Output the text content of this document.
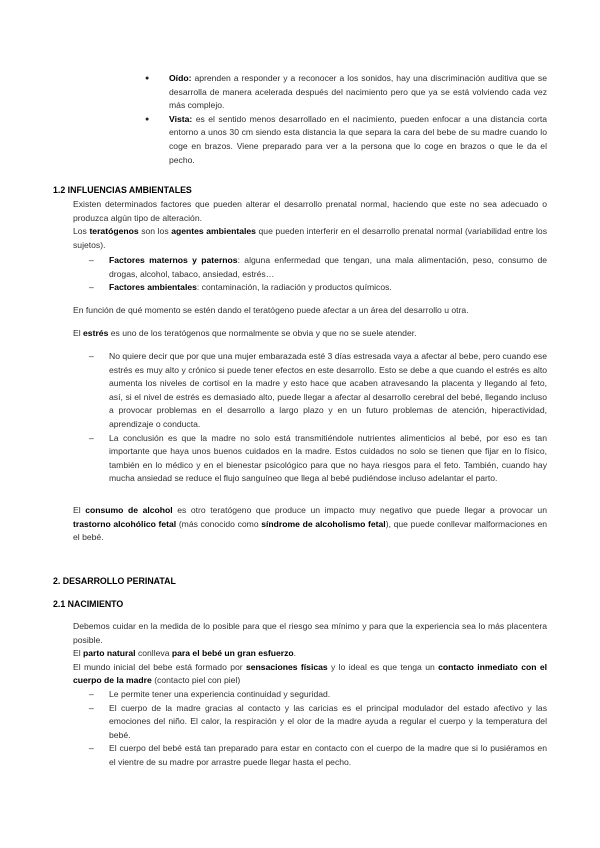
● Oído: aprenden a responder y a reconocer a los sonidos, hay una discriminación auditiva que se desarrolla de manera acelerada después del nacimiento pero que ya se está volviendo cada vez más complejo.
● Vista: es el sentido menos desarrollado en el nacimiento, pueden enfocar a una distancia corta entorno a unos 30 cm siendo esta distancia la que separa la cara del bebe de su madre cuando lo coge en brazos. Viene preparado para ver a la persona que lo coge en brazos o que le da el pecho.
1.2 INFLUENCIAS AMBIENTALES
Existen determinados factores que pueden alterar el desarrollo prenatal normal, haciendo que este no sea adecuado o produzca algún tipo de alteración.
Los teratógenos son los agentes ambientales que pueden interferir en el desarrollo prenatal normal (variabilidad entre los sujetos).
– Factores maternos y paternos: alguna enfermedad que tengan, una mala alimentación, peso, consumo de drogas, alcohol, tabaco, ansiedad, estrés…
– Factores ambientales: contaminación, la radiación y productos químicos.
En función de qué momento se estén dando el teratógeno puede afectar a un área del desarrollo u otra.
El estrés es uno de los teratógenos que normalmente se obvia y que no se suele atender.
– No quiere decir que por que una mujer embarazada esté 3 días estresada vaya a afectar al bebe, pero cuando ese estrés es muy alto y crónico si puede tener efectos en este desarrollo. Esto se debe a que cuando el estrés es alto aumenta los niveles de cortisol en la madre y esto hace que acaben atravesando la placenta y llegando al feto, así, si el nivel de estrés es demasiado alto, puede llegar a afectar al desarrollo cerebral del bebé, llegando incluso a provocar problemas en el desarrollo a largo plazo y en un futuro problemas de atención, hiperactividad, aprendizaje o conducta.
– La conclusión es que la madre no solo está transmitiéndole nutrientes alimenticios al bebé, por eso es tan importante que haya unos buenos cuidados en la madre. Estos cuidados no solo se tienen que fijar en lo físico, también en lo médico y en el bienestar psicológico para que no haya riesgos para el feto. También, cuando hay mucha ansiedad se reduce el flujo sanguíneo que llega al bebé pudiéndose incluso adelantar el parto.
El consumo de alcohol es otro teratógeno que produce un impacto muy negativo que puede llegar a provocar un trastorno alcohólico fetal (más conocido como síndrome de alcoholismo fetal), que puede conllevar malformaciones en el bebé.
2. DESARROLLO PERINATAL
2.1 NACIMIENTO
Debemos cuidar en la medida de lo posible para que el riesgo sea mínimo y para que la experiencia sea lo más placentera posible.
El parto natural conlleva para el bebé un gran esfuerzo.
El mundo inicial del bebe está formado por sensaciones físicas y lo ideal es que tenga un contacto inmediato con el cuerpo de la madre (contacto piel con piel)
– Le permite tener una experiencia continuidad y seguridad.
– El cuerpo de la madre gracias al contacto y las caricias es el principal modulador del estado afectivo y las emociones del niño. El calor, la respiración y el olor de la madre ayuda a regular el cuerpo y la temperatura del bebé.
– El cuerpo del bebé está tan preparado para estar en contacto con el cuerpo de la madre que si lo pusiéramos en el vientre de su madre por arrastre puede llegar hasta el pecho.
